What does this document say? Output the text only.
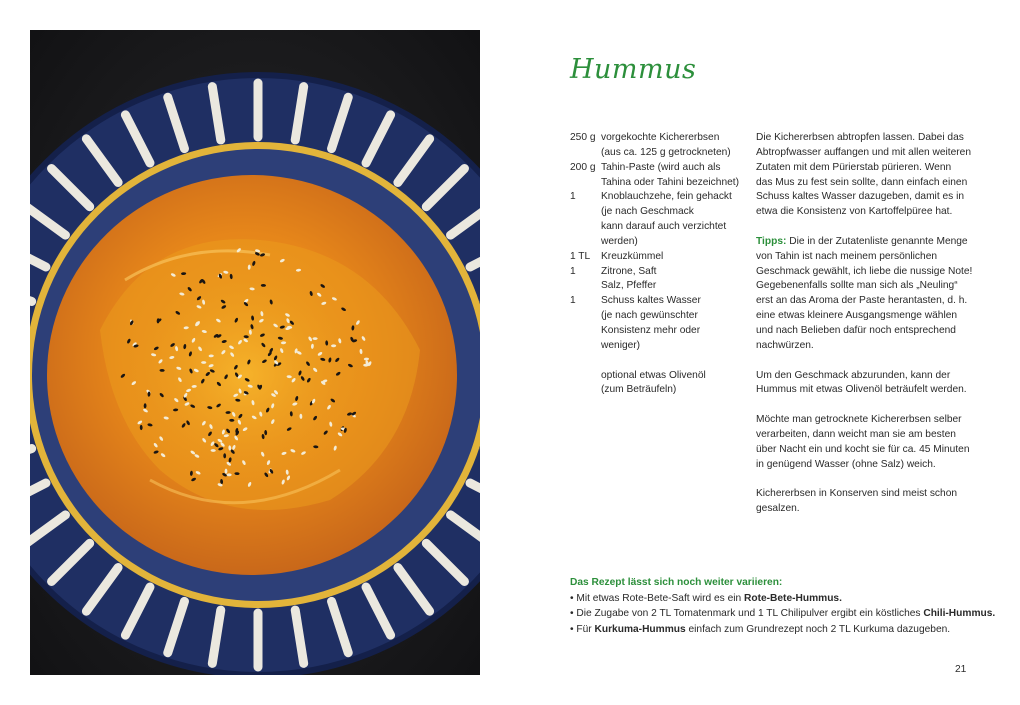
Hummus
250 g vorgekochte Kichererbsen
(aus ca. 125 g getrockneten)
200 g Tahin-Paste (wird auch als
Tahina oder Tahini bezeichnet)
1	Knoblauchzehe, fein gehackt
(je nach Geschmack
kann darauf auch verzichtet
werden)
1 TL	Kreuzkümmel
1	Zitrone, Saft
Salz, Pfeffer
1	Schuss kaltes Wasser
(je nach gewünschter
Konsistenz mehr oder
weniger)
optional etwas Olivenöl
(zum Beträufeln)

Die Kichererbsen abtropfen lassen. Dabei das
Abtropfwasser auffangen und mit allen weiteren
Zutaten mit dem Pürierstab pürieren. Wenn
das Mus zu fest sein sollte, dann einfach einen
Schuss kaltes Wasser dazugeben, damit es in
etwa die Konsistenz von Kartoffelpüree hat.

Tipps: Die in der Zutatenliste genannte Menge
von Tahin ist nach meinem persönlichen
Geschmack gewählt, ich liebe die nussige Note!
Gegebenenfalls sollte man sich als „Neuling“
erst an das Aroma der Paste herantasten, d. h.
eine etwas kleinere Ausgangsmenge wählen
und nach Belieben dafür noch entsprechend
nachwürzen.

Um den Geschmack abzurunden, kann der
Hummus mit etwas Olivenöl beträufelt werden.

Möchte man getrocknete Kichererbsen selber
verarbeiten, dann weicht man sie am besten
über Nacht ein und kocht sie für ca. 45 Minuten
in genügend Wasser (ohne Salz) weich.

Kichererbsen in Konserven sind meist schon
gesalzen.

Das Rezept lässt sich noch weiter variieren:
• Mit etwas Rote-Bete-Saft wird es ein Rote-Bete-Hummus.
• Die Zugabe von 2 TL Tomatenmark und 1 TL Chilipulver ergibt ein köstliches Chili-Hummus.
• Für Kurkuma-Hummus einfach zum Grundrezept noch 2 TL Kurkuma dazugeben.
21
